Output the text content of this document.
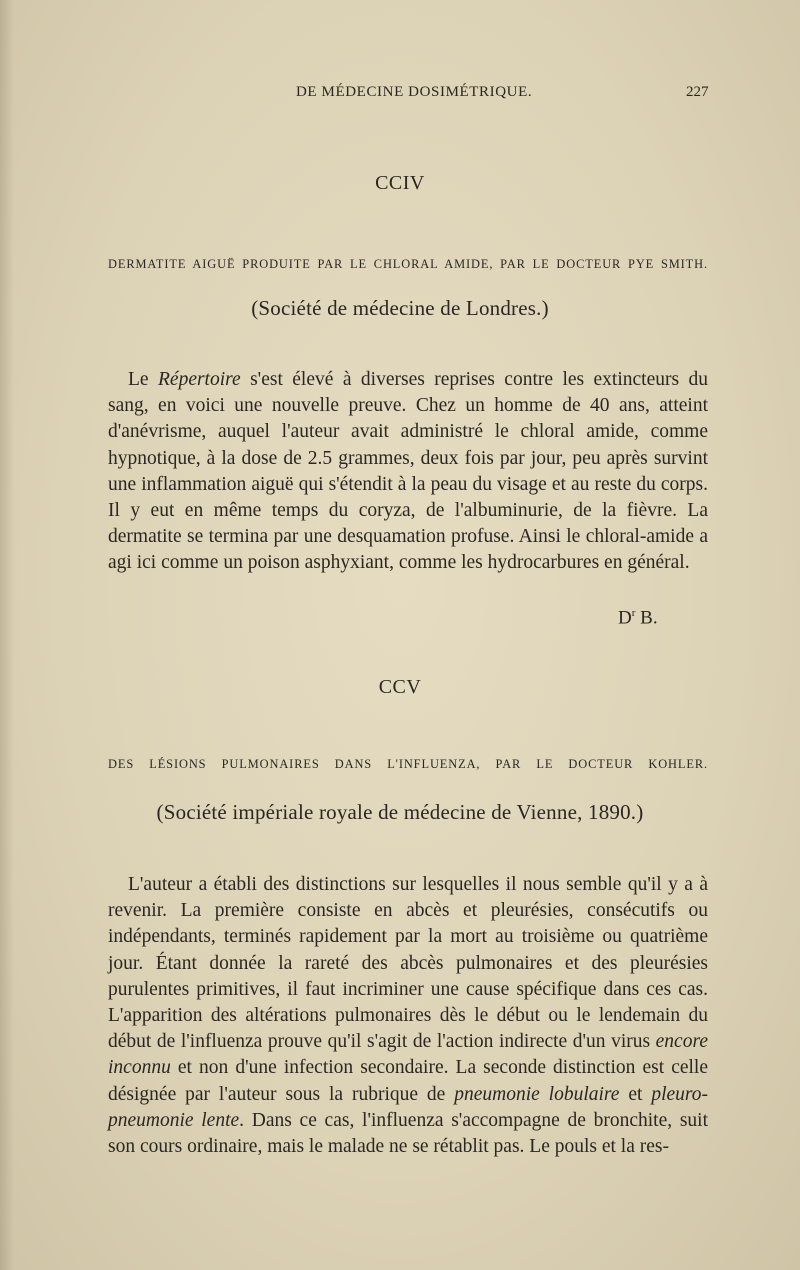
DE MÉDECINE DOSIMÉTRIQUE.	227
CCIV
DERMATITE AIGUË PRODUITE PAR LE CHLORAL AMIDE, PAR LE DOCTEUR PYE SMITH.
(Société de médecine de Londres.)

Le Répertoire s'est élevé à diverses reprises contre les extincteurs du sang, en voici une nouvelle preuve. Chez un homme de 40 ans, atteint d'anévrisme, auquel l'auteur avait administré le chloral amide, comme hypnotique, à la dose de 2.5 grammes, deux fois par jour, peu après survint une inflammation aiguë qui s'étendit à la peau du visage et au reste du corps. Il y eut en même temps du coryza, de l'albuminurie, de la fièvre. La dermatite se termina par une desquamation profuse. Ainsi le chloral-amide a agi ici comme un poison asphyxiant, comme les hydrocarbures en général.

$D^r$ B.
CCV
DES LÉSIONS PULMONAIRES DANS L'INFLUENZA, PAR LE DOCTEUR KOHLER.
(Société impériale royale de médecine de Vienne, 1890.)

L'auteur a établi des distinctions sur lesquelles il nous semble qu'il y a à revenir. La première consiste en abcès et pleurésies, consécutifs ou indépendants, terminés rapidement par la mort au troisième ou quatrième jour. Étant donnée la rareté des abcès pulmonaires et des pleurésies purulentes primitives, il faut incriminer une cause spécifique dans ces cas. L'apparition des altérations pulmonaires dès le début ou le lendemain du début de l'influenza prouve qu'il s'agit de l'action indirecte d'un virus encore inconnu et non d'une infection secondaire. La seconde distinction est celle désignée par l'auteur sous la rubrique de pneumonie lobulaire et pleuro-pneumonie lente. Dans ce cas, l'influenza s'accompagne de bronchite, suit son cours ordinaire, mais le malade ne se rétablit pas. Le pouls et la res-
